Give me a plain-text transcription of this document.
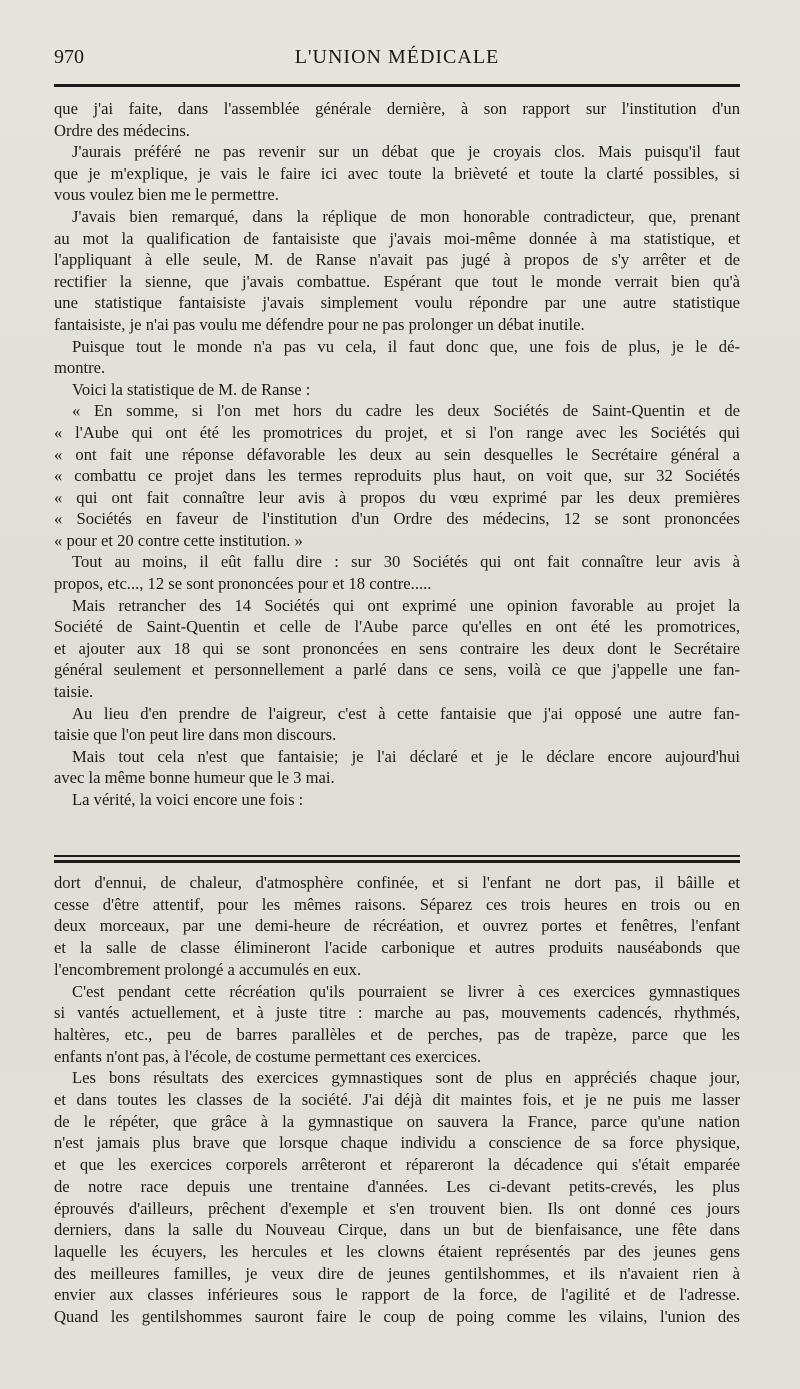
970	L'UNION MÉDICALE
que j'ai faite, dans l'assemblée générale dernière, à son rapport sur l'institution d'un
Ordre des médecins.
J'aurais préféré ne pas revenir sur un débat que je croyais clos. Mais puisqu'il faut
que je m'explique, je vais le faire ici avec toute la brièveté et toute la clarté possibles, si
vous voulez bien me le permettre.
J'avais bien remarqué, dans la réplique de mon honorable contradicteur, que, prenant
au mot la qualification de fantaisiste que j'avais moi-même donnée à ma statistique, et
l'appliquant à elle seule, M. de Ranse n'avait pas jugé à propos de s'y arrêter et de
rectifier la sienne, que j'avais combattue. Espérant que tout le monde verrait bien qu'à
une statistique fantaisiste j'avais simplement voulu répondre par une autre statistique
fantaisiste, je n'ai pas voulu me défendre pour ne pas prolonger un débat inutile.
Puisque tout le monde n'a pas vu cela, il faut donc que, une fois de plus, je le dé-
montre.
Voici la statistique de M. de Ranse :
« En somme, si l'on met hors du cadre les deux Sociétés de Saint-Quentin et de
« l'Aube qui ont été les promotrices du projet, et si l'on range avec les Sociétés qui
« ont fait une réponse défavorable les deux au sein desquelles le Secrétaire général a
« combattu ce projet dans les termes reproduits plus haut, on voit que, sur 32 Sociétés
« qui ont fait connaître leur avis à propos du vœu exprimé par les deux premières
« Sociétés en faveur de l'institution d'un Ordre des médecins, 12 se sont prononcées
« pour et 20 contre cette institution. »
Tout au moins, il eût fallu dire : sur 30 Sociétés qui ont fait connaître leur avis à
propos, etc..., 12 se sont prononcées pour et 18 contre.....
Mais retrancher des 14 Sociétés qui ont exprimé une opinion favorable au projet la
Société de Saint-Quentin et celle de l'Aube parce qu'elles en ont été les promotrices,
et ajouter aux 18 qui se sont prononcées en sens contraire les deux dont le Secrétaire
général seulement et personnellement a parlé dans ce sens, voilà ce que j'appelle une fan-
taisie.
Au lieu d'en prendre de l'aigreur, c'est à cette fantaisie que j'ai opposé une autre fan-
taisie que l'on peut lire dans mon discours.
Mais tout cela n'est que fantaisie; je l'ai déclaré et je le déclare encore aujourd'hui
avec la même bonne humeur que le 3 mai.
La vérité, la voici encore une fois :
dort d'ennui, de chaleur, d'atmosphère confinée, et si l'enfant ne dort pas, il bâille et
cesse d'être attentif, pour les mêmes raisons. Séparez ces trois heures en trois ou en
deux morceaux, par une demi-heure de récréation, et ouvrez portes et fenêtres, l'enfant
et la salle de classe élimineront l'acide carbonique et autres produits nauséabonds que
l'encombrement prolongé a accumulés en eux.
C'est pendant cette récréation qu'ils pourraient se livrer à ces exercices gymnastiques
si vantés actuellement, et à juste titre : marche au pas, mouvements cadencés, rhythmés,
haltères, etc., peu de barres parallèles et de perches, pas de trapèze, parce que les
enfants n'ont pas, à l'école, de costume permettant ces exercices.
Les bons résultats des exercices gymnastiques sont de plus en appréciés chaque jour,
et dans toutes les classes de la société. J'ai déjà dit maintes fois, et je ne puis me lasser
de le répéter, que grâce à la gymnastique on sauvera la France, parce qu'une nation
n'est jamais plus brave que lorsque chaque individu a conscience de sa force physique,
et que les exercices corporels arrêteront et répareront la décadence qui s'était emparée
de notre race depuis une trentaine d'années. Les ci-devant petits-crevés, les plus
éprouvés d'ailleurs, prêchent d'exemple et s'en trouvent bien. Ils ont donné ces jours
derniers, dans la salle du Nouveau Cirque, dans un but de bienfaisance, une fête dans
laquelle les écuyers, les hercules et les clowns étaient représentés par des jeunes gens
des meilleures familles, je veux dire de jeunes gentilshommes, et ils n'avaient rien à
envier aux classes inférieures sous le rapport de la force, de l'agilité et de l'adresse.
Quand les gentilshommes sauront faire le coup de poing comme les vilains, l'union des
